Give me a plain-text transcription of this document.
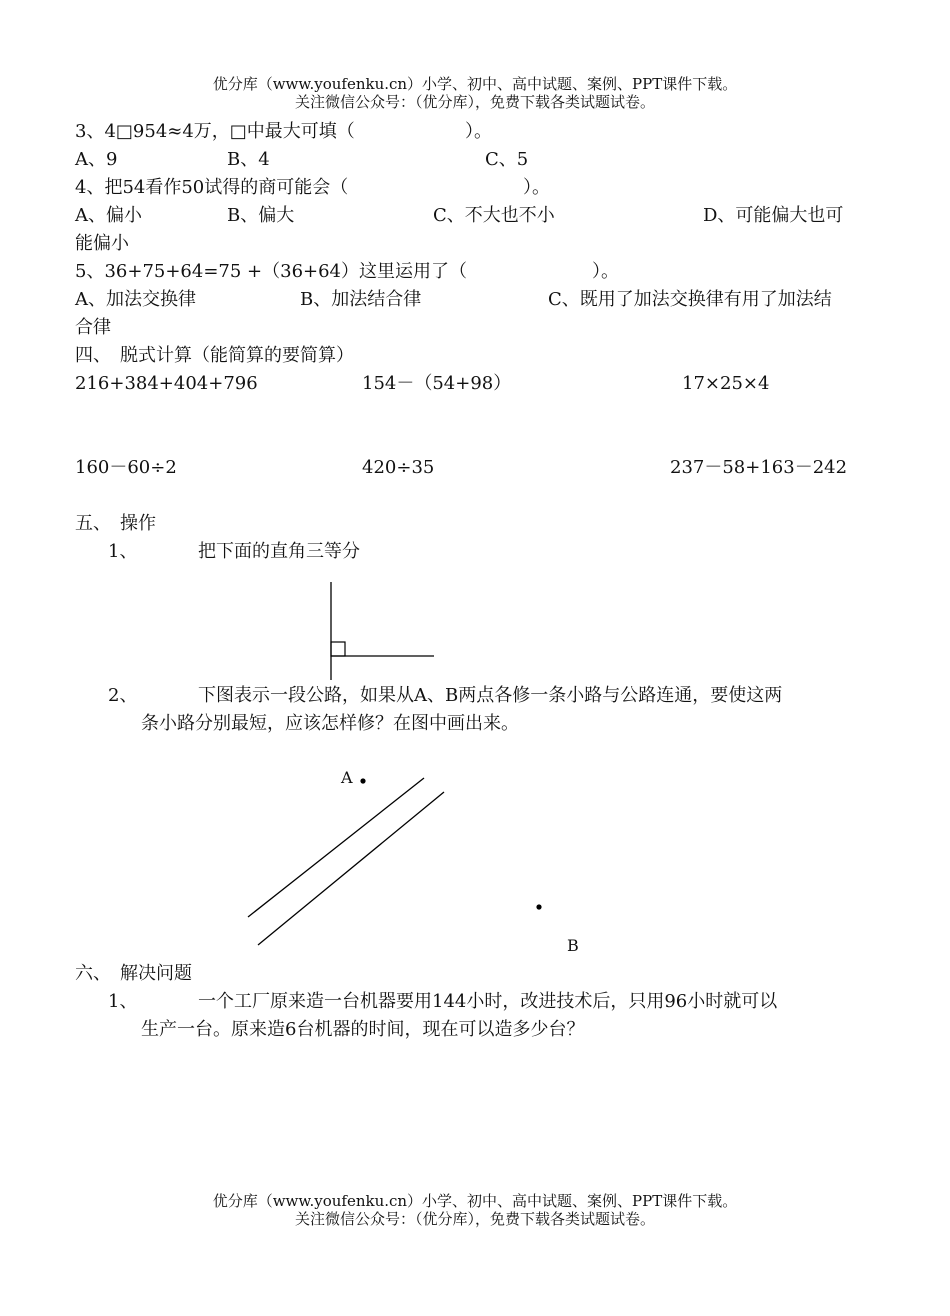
优分库（www.youfenku.cn）小学、初中、高中试题、案例、PPT课件下载。
关注微信公众号：（优分库），免费下载各类试题试卷。
3、4□954≈4万，□中最大可填（	）。
A、9	B、4	C、5
4、把54看作50试得的商可能会（	）。
A、偏小	B、偏大	C、不大也不小	D、可能偏大也可
能偏小
5、36+75+64=75 +（36+64）这里运用了（	）。
A、加法交换律	B、加法结合律	C、既用了加法交换律有用了加法结
合律
四、　脱式计算（能简算的要简算）
216+384+404+796	154－（54+98）	17×25×4
160－60÷2	420÷35	237－58+163－242
五、　操作
1、	把下面的直角三等分
2、	下图表示一段公路，如果从A、B两点各修一条小路与公路连通，要使这两
条小路分别最短，应该怎样修？在图中画出来。
A
B
六、　解决问题
1、	一个工厂原来造一台机器要用144小时，改进技术后，只用96小时就可以
生产一台。原来造6台机器的时间，现在可以造多少台？
优分库（www.youfenku.cn）小学、初中、高中试题、案例、PPT课件下载。
关注微信公众号：（优分库），免费下载各类试题试卷。
